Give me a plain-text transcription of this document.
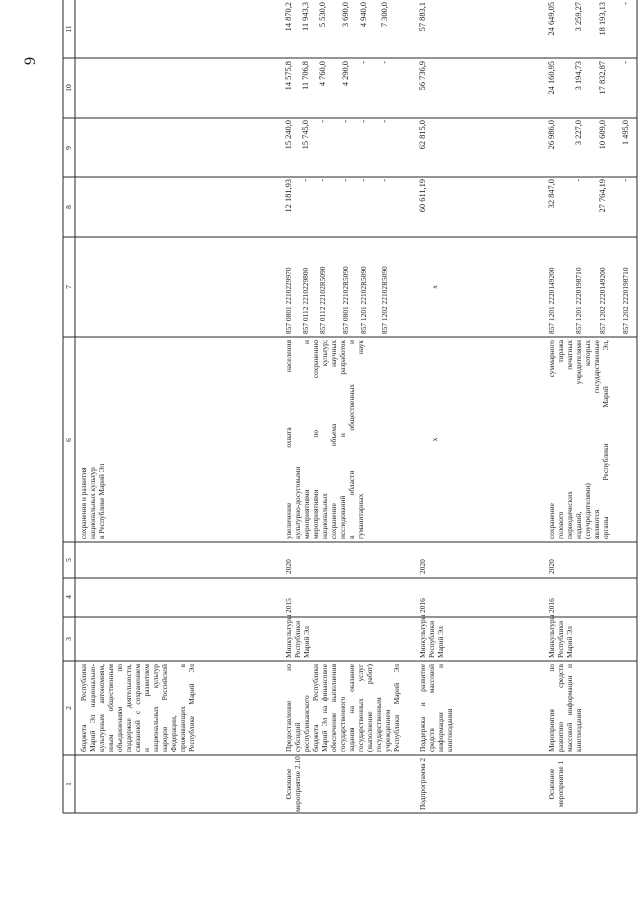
9
1
2
3
4
5
6
7
8
9
10
11
бюджета Республики
Марий Эл национально-
культурным автономиям,
иным общественным
объединениям по
поддержке деятельности,
связанной с сохранением
и развитием
национальных культур
народов Российской
Федерации,
проживающих в
Республике Марий Эл
сохранения и развития
национальных культур
в Республике Марий Эл
Основное
мероприятие 2.10
Предоставление из
субсидий
республиканского
бюджета Республики
Марий Эл на финансовое
обеспечение выполнения
государственного
задания на оказание
государственных услуг
(выполнение работ)
государственным
учреждением
Республики Марий Эл
Минкультуры
Республики
Марий Эл
2015
2020
увеличение охвата населения
культурно-досуговыми
мероприятиями и
мероприятиями по сохранению
национальных культур;
сохранение объема научных
исследований и разработок
в области общественных и
гуманитарных наук
857 0801 2210229970 857 0112 2210229800 857 0112 22102R5090 857 0801 22102R5090 857 1201 22102R5090 857 1202 22102R5090
12 181,93 - - - - -
15 240,0 15 745,0 - - - -
14 575,8 11 706,8 4 760,0 4 290,0 - -
14 870,2 11 943,3 5 530,0 3 690,0 4 940,0 7 300,0
Подпрограмма 2
Поддержка и развитие
средств массовой
информации и
книгоиздания
Минкультуры
Республики
Марий Эл
2016
2020
х
х
60 611,19
62 815,0
56 736,9
57 883,1
Основное
мероприятие 1
Мероприятия по
развитию средств
массовой информации и
книгоиздания
Минкультуры
Республики
Марий Эл
2016
2020
сохранение суммарного
голового тиража
периодических печатных
изданий, учредителями
(соучредителями) которых
являются государственные
органы Республики Марий Эл,
857 1201 2220149200 857 1201 2220198710 857 1202 2220149200 857 1202 2220198710
32 847,0 - 27 764,19 -
26 986,0 3 227,0 10 609,0 1 495,0
24 160,95 3 194,73 17 832,87 -
24 649,05 3 259,27 18 193,13 -
